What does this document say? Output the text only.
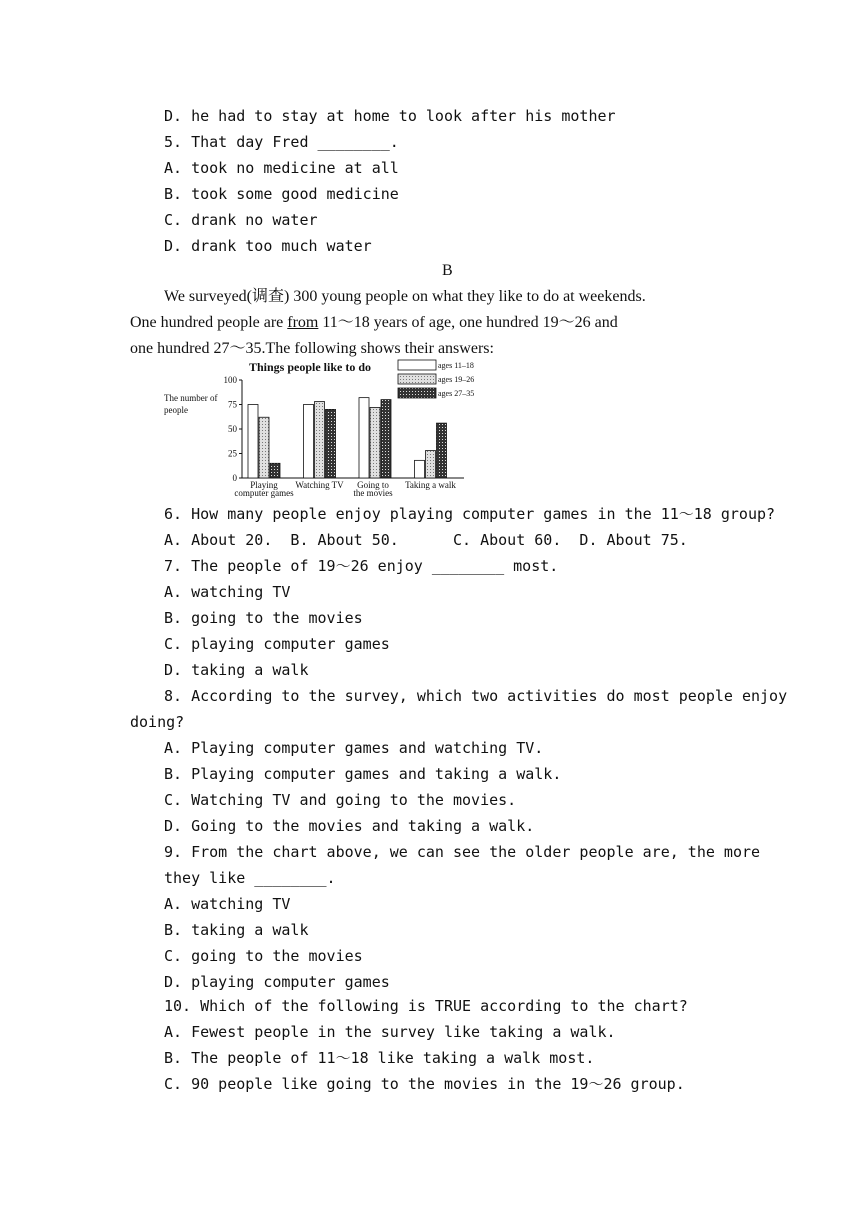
D. he had to stay at home to look after his mother
5. That day Fred ________.
A. took no medicine at all
B. took some good medicine
C. drank no water
D. drank too much water
B
We surveyed(调查) 300 young people on what they like to do at weekends.
One hundred people are from 11～18 years of age, one hundred 19～26 and
one hundred 27～35.The following shows their answers:
Things people like to do
The number of
people
0
25
50
75
100
Playing
computer games
Watching TV Going to
the movies
Taking a walk
ages 11–18
ages 19–26
ages 27–35
6. How many people enjoy playing computer games in the 11～18 group?
A. About 20.  B. About 50.      C. About 60.  D. About 75.
7. The people of 19～26 enjoy ________ most.
A. watching TV
B. going to the movies
C. playing computer games
D. taking a walk
8. According to the survey, which two activities do most people enjoy
doing?
A. Playing computer games and watching TV.
B. Playing computer games and taking a walk.
C. Watching TV and going to the movies.
D. Going to the movies and taking a walk.
9. From the chart above, we can see the older people are, the more
they like ________.
A. watching TV
B. taking a walk
C. going to the movies
D. playing computer games
10. Which of the following is TRUE according to the chart?
A. Fewest people in the survey like taking a walk.
B. The people of 11～18 like taking a walk most.
C. 90 people like going to the movies in the 19～26 group.
